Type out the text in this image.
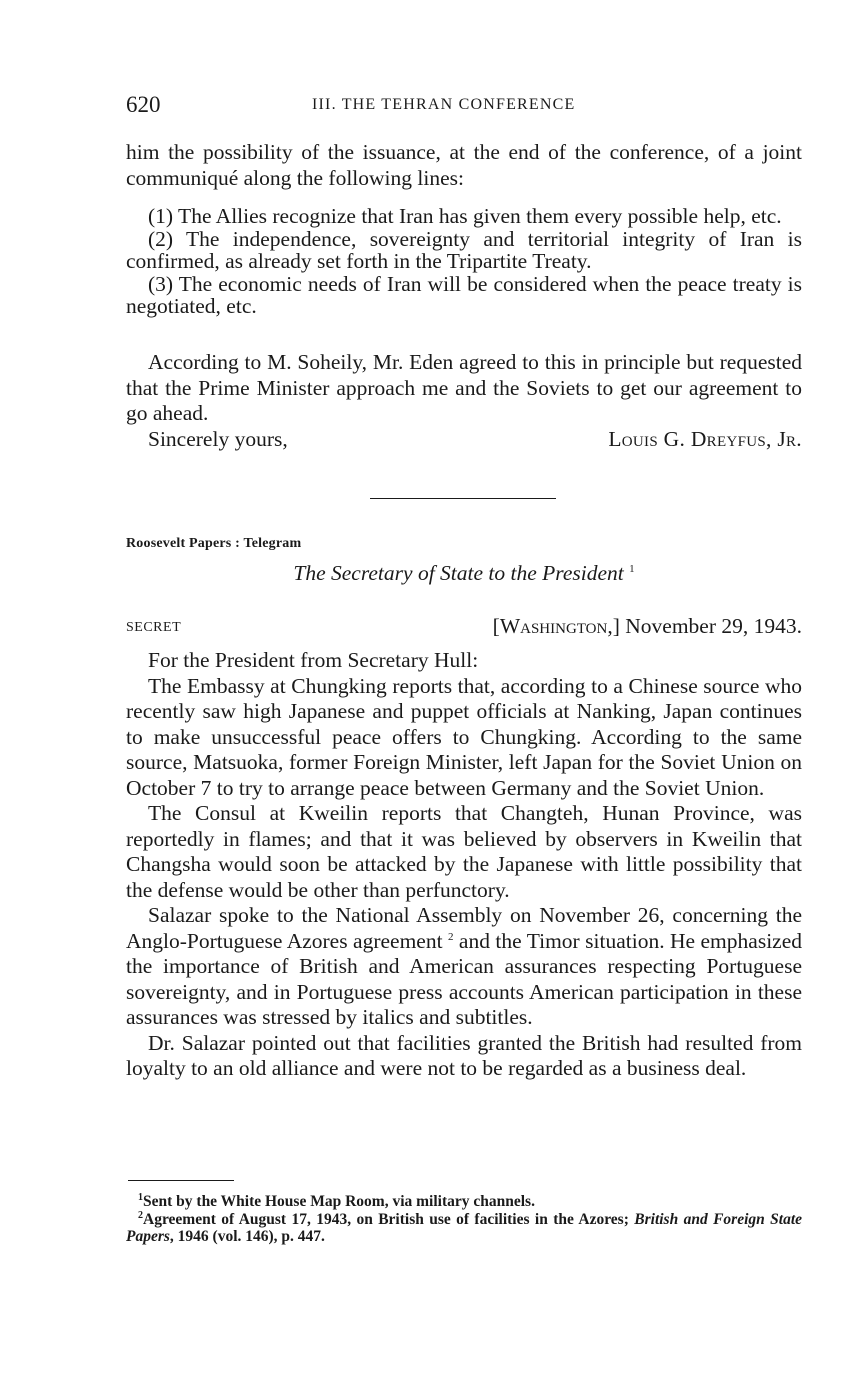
620	III. THE TEHRAN CONFERENCE

him the possibility of the issuance, at the end of the conference, of a joint communiqué along the following lines:

(1) The Allies recognize that Iran has given them every possible help, etc.

(2) The independence, sovereignty and territorial integrity of Iran is confirmed, as already set forth in the Tripartite Treaty.

(3) The economic needs of Iran will be considered when the peace treaty is negotiated, etc.

According to M. Soheily, Mr. Eden agreed to this in principle but requested that the Prime Minister approach me and the Soviets to get our agreement to go ahead.

Sincerely yours,	Louis G. Dreyfus, Jr.
Roosevelt Papers : Telegram
The Secretary of State to the President $^1$
SECRET	[Washington,] November 29, 1943.

For the President from Secretary Hull:

The Embassy at Chungking reports that, according to a Chinese source who recently saw high Japanese and puppet officials at Nanking, Japan continues to make unsuccessful peace offers to Chungking. According to the same source, Matsuoka, former Foreign Minister, left Japan for the Soviet Union on October 7 to try to arrange peace between Germany and the Soviet Union.

The Consul at Kweilin reports that Changteh, Hunan Province, was reportedly in flames; and that it was believed by observers in Kweilin that Changsha would soon be attacked by the Japanese with little possibility that the defense would be other than perfunctory.

Salazar spoke to the National Assembly on November 26, concerning the Anglo-Portuguese Azores agreement $^2$ and the Timor situation. He emphasized the importance of British and American assurances respecting Portuguese sovereignty, and in Portuguese press accounts American participation in these assurances was stressed by italics and subtitles.

Dr. Salazar pointed out that facilities granted the British had resulted from loyalty to an old alliance and were not to be regarded as a business deal.

$^1$Sent by the White House Map Room, via military channels.

$^2$Agreement of August 17, 1943, on British use of facilities in the Azores; British and Foreign State Papers, 1946 (vol. 146), p. 447.
